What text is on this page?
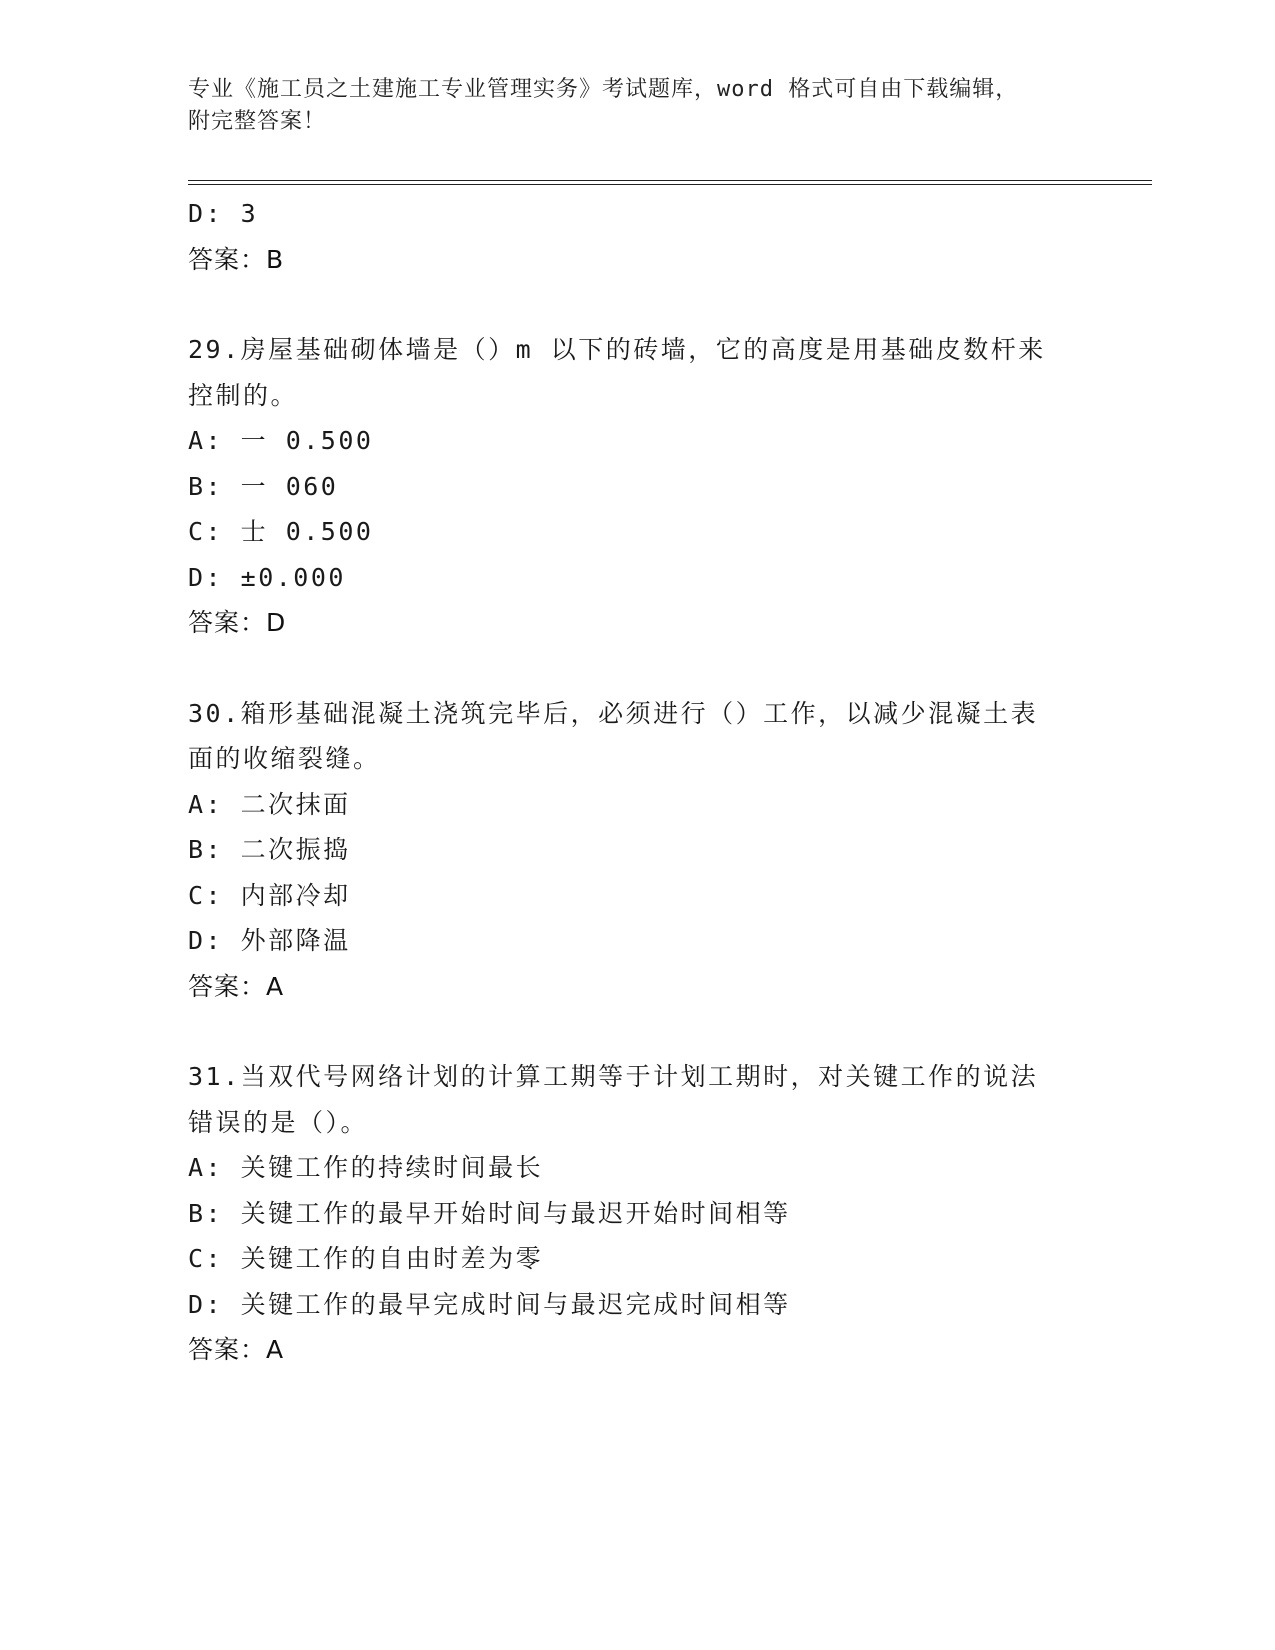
专业《施工员之土建施工专业管理实务》考试题库，word 格式可自由下载编辑，
附完整答案！
D: 3
答案：B
29.房屋基础砌体墙是（）m 以下的砖墙，它的高度是用基础皮数杆来
控制的。
A: 一 0.500
B: 一 060
C: 士 0.500
D: ±0.000
答案：D
30.箱形基础混凝土浇筑完毕后，必须进行（）工作，以减少混凝土表
面的收缩裂缝。
A: 二次抹面
B: 二次振捣
C: 内部冷却
D: 外部降温
答案：A
31.当双代号网络计划的计算工期等于计划工期时，对关键工作的说法
错误的是（）。
A: 关键工作的持续时间最长
B: 关键工作的最早开始时间与最迟开始时间相等
C: 关键工作的自由时差为零
D: 关键工作的最早完成时间与最迟完成时间相等
答案：A
